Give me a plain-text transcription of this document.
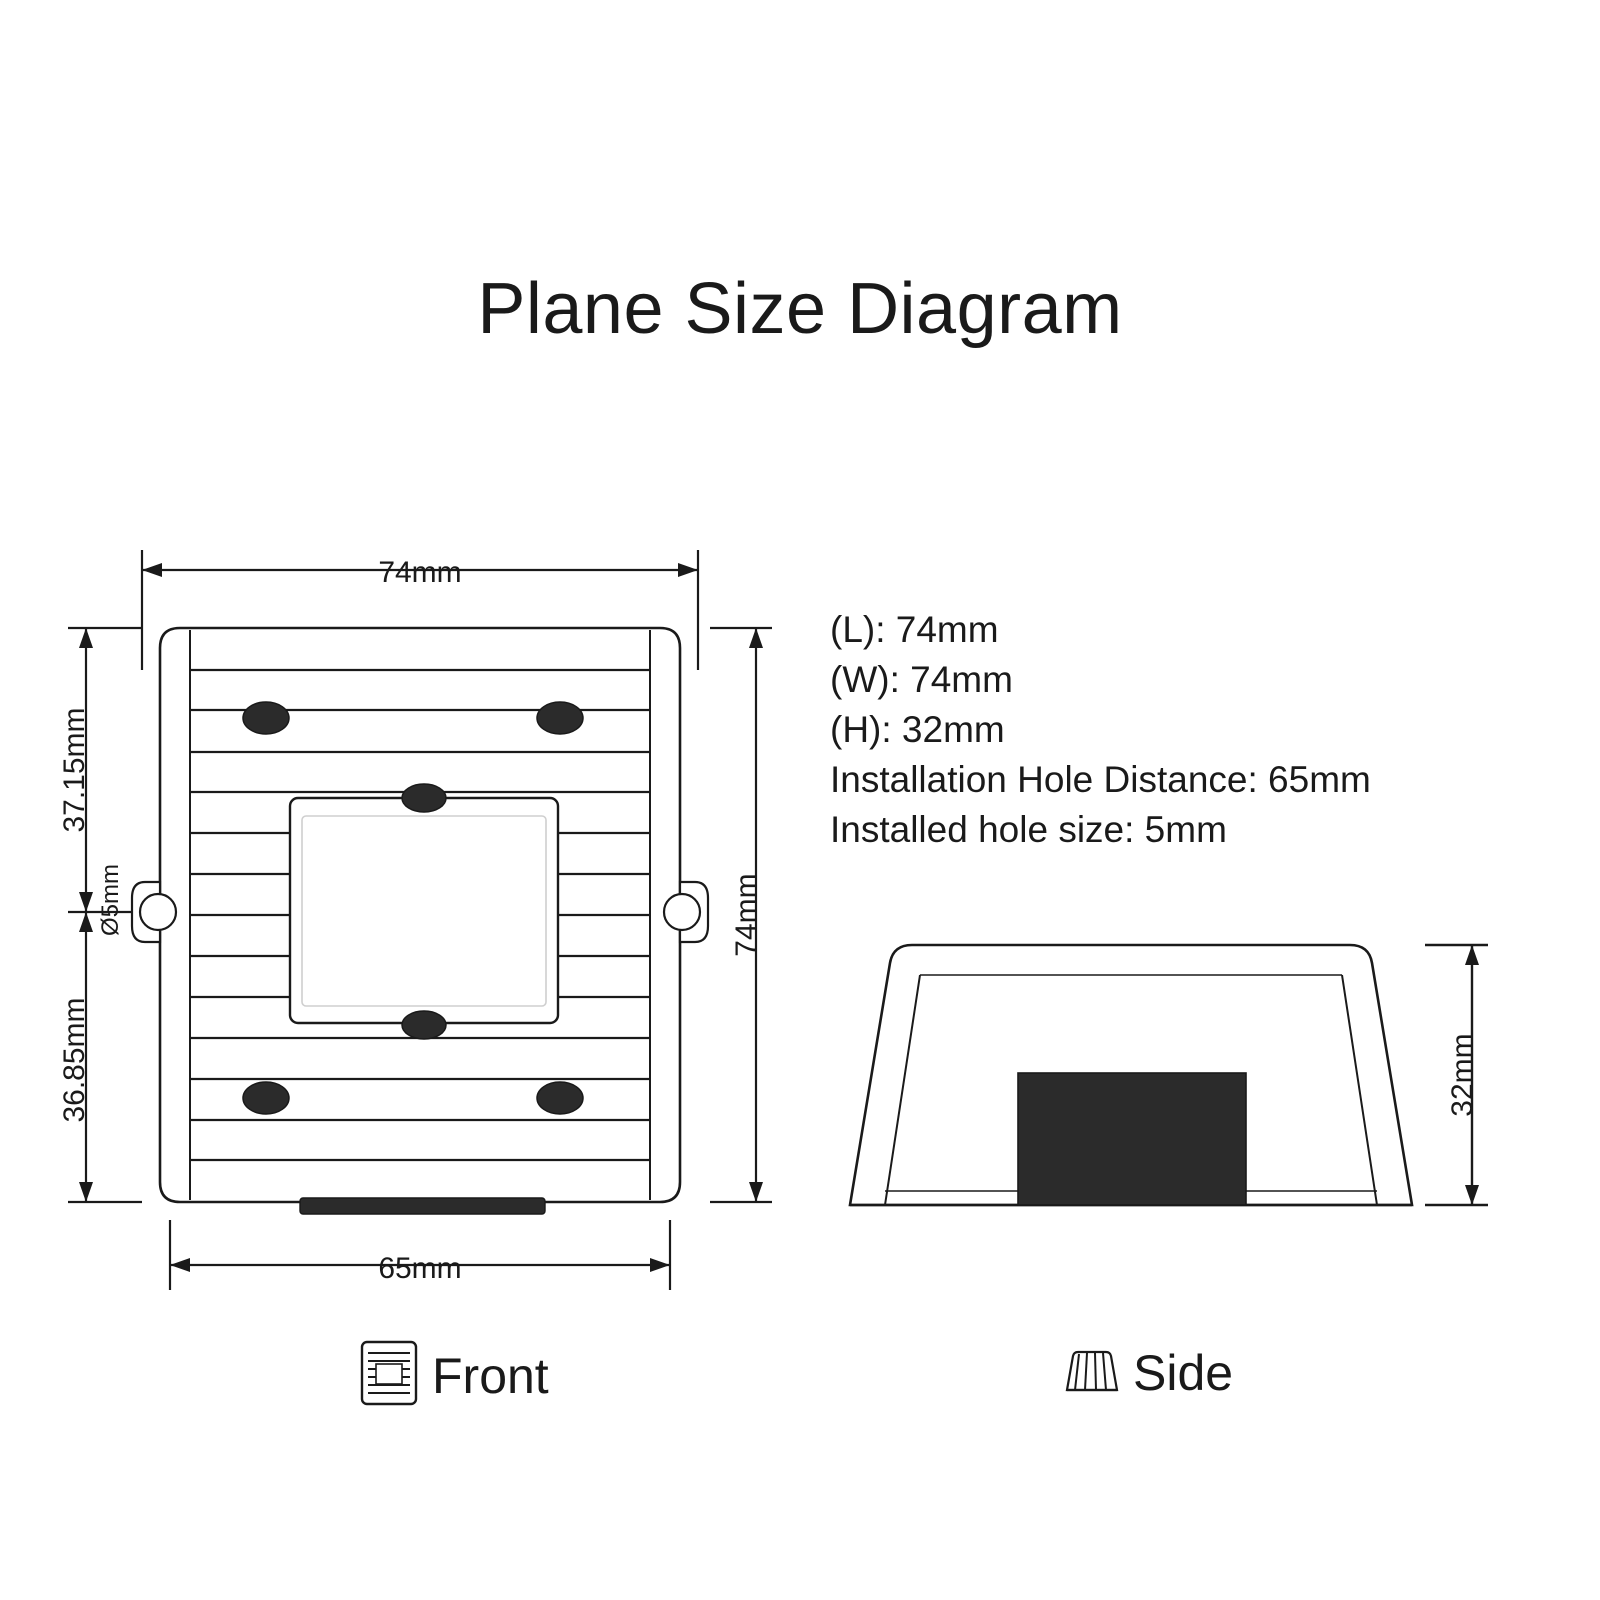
Plane Size Diagram
74mm
74mm
37.15mm
36.85mm
Ø5mm
65mm
(L): 74mm
(W): 74mm
(H): 32mm
Installation Hole Distance: 65mm
Installed hole size: 5mm
32mm
Front	Side
